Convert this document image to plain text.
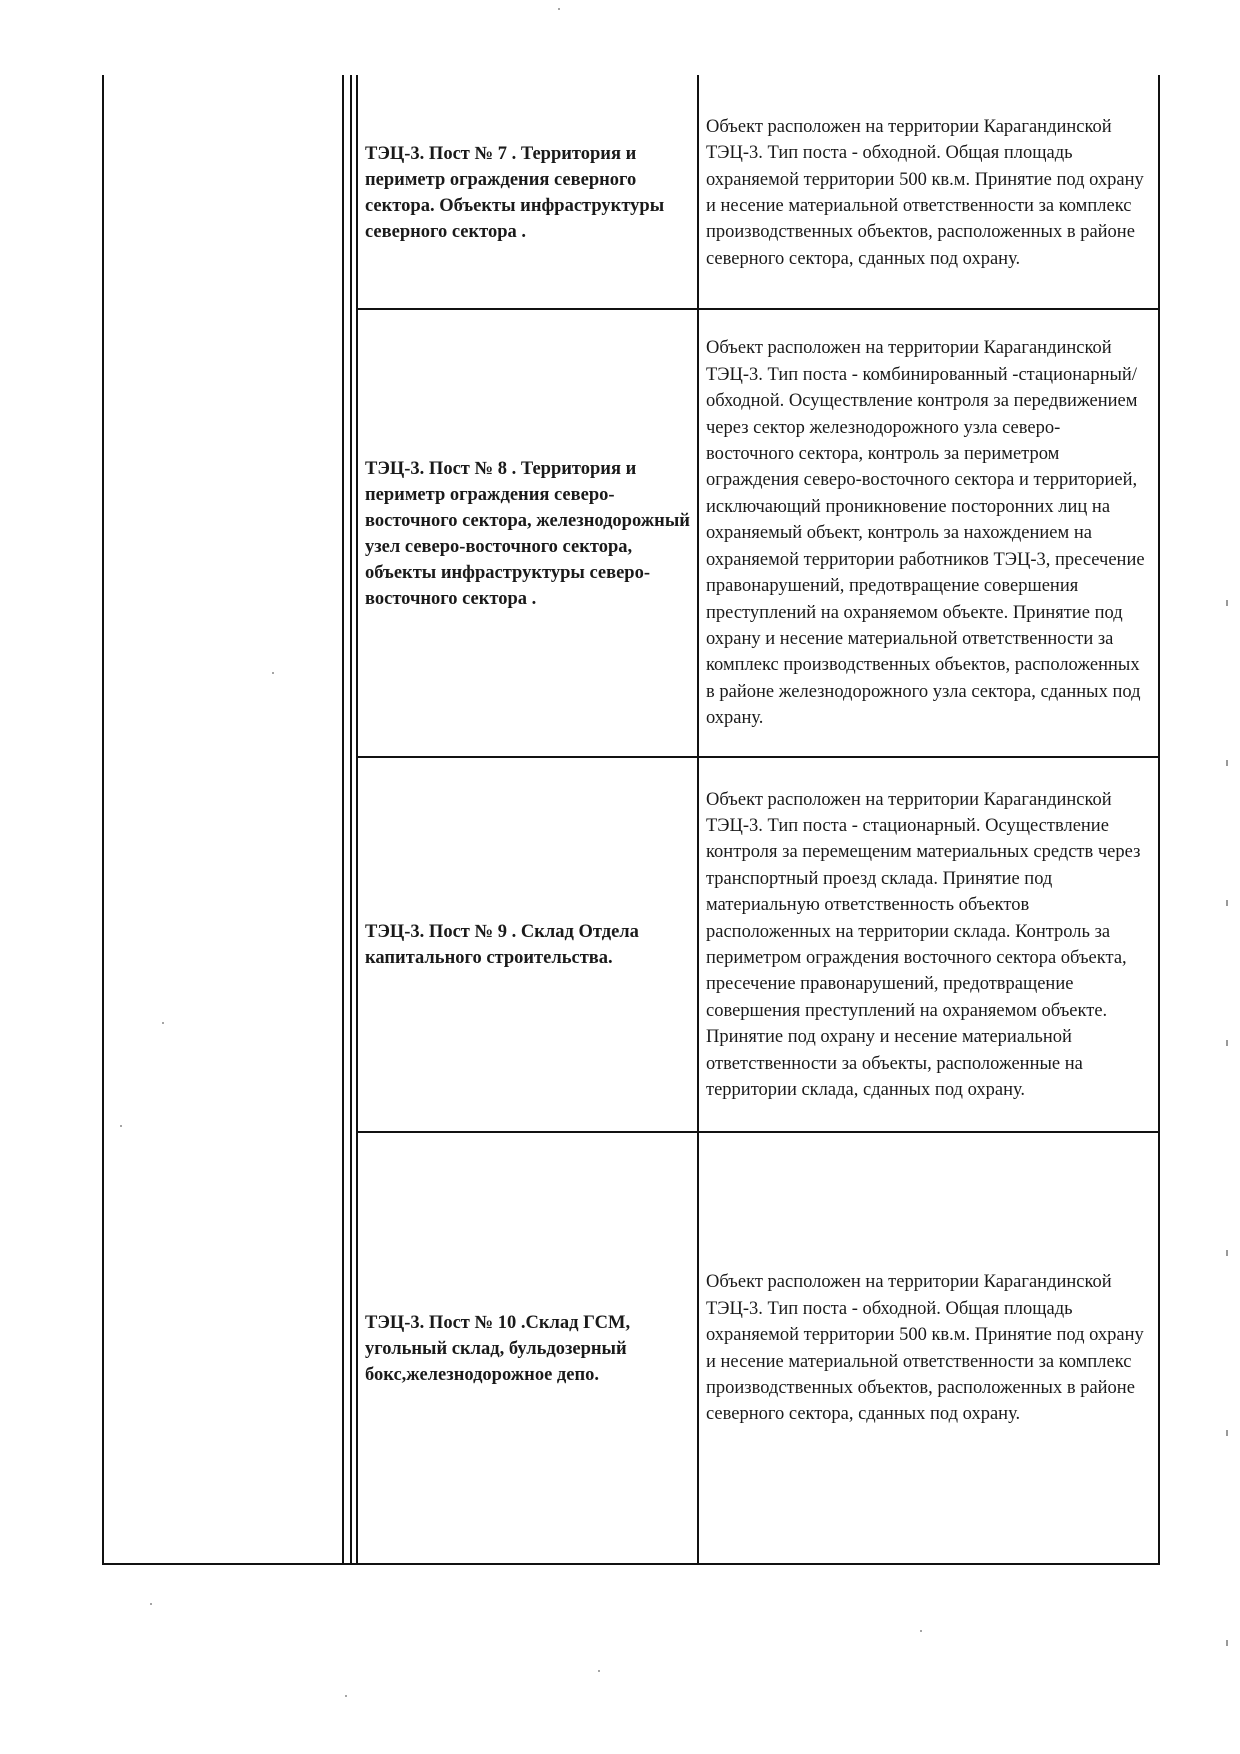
ТЭЦ-3. Пост № 7 . Территория и периметр ограждения северного сектора. Объекты инфраструктуры северного сектора .
Объект расположен на территории Карагандинской ТЭЦ-3. Тип поста - обходной. Общая площадь охраняемой территории 500 кв.м. Принятие под охрану и несение материальной ответственности за комплекс производственных объектов, расположенных в районе северного сектора, сданных под охрану.
ТЭЦ-3. Пост № 8 . Территория и периметр ограждения северо-восточного сектора, железнодорожный узел северо-восточного сектора, объекты инфраструктуры северо-восточного сектора .
Объект расположен на территории Карагандинской ТЭЦ-3. Тип поста - комбинированный -стационарный/обходной. Осуществление контроля за передвижением через сектор железнодорожного узла северо-восточного сектора, контроль за периметром ограждения северо-восточного сектора и территорией, исключающий проникновение посторонних лиц на охраняемый объект, контроль за нахождением на охраняемой территории работников ТЭЦ-3, пресечение правонарушений, предотвращение совершения преступлений на охраняемом объекте. Принятие под охрану и несение материальной ответственности за комплекс производственных объектов, расположенных в районе железнодорожного узла сектора, сданных под охрану.
ТЭЦ-3. Пост № 9 . Склад Отдела капитального строительства.
Объект расположен на территории Карагандинской ТЭЦ-3. Тип поста - стационарный. Осуществление контроля за перемещеним материальных средств через транспортный проезд склада. Принятие под материальную ответственность объектов расположенных на территории склада. Контроль за периметром ограждения восточного сектора объекта, пресечение правонарушений, предотвращение совершения преступлений на охраняемом объекте. Принятие под охрану и несение материальной ответственности за объекты, расположенные на территории склада, сданных под охрану.
ТЭЦ-3. Пост № 10 .Склад ГСМ, угольный склад, бульдозерный бокс,железнодорожное депо.
Объект расположен на территории Карагандинской ТЭЦ-3. Тип поста - обходной. Общая площадь охраняемой территории 500 кв.м. Принятие под охрану и несение материальной ответственности за комплекс производственных объектов, расположенных в районе северного сектора, сданных под охрану.
